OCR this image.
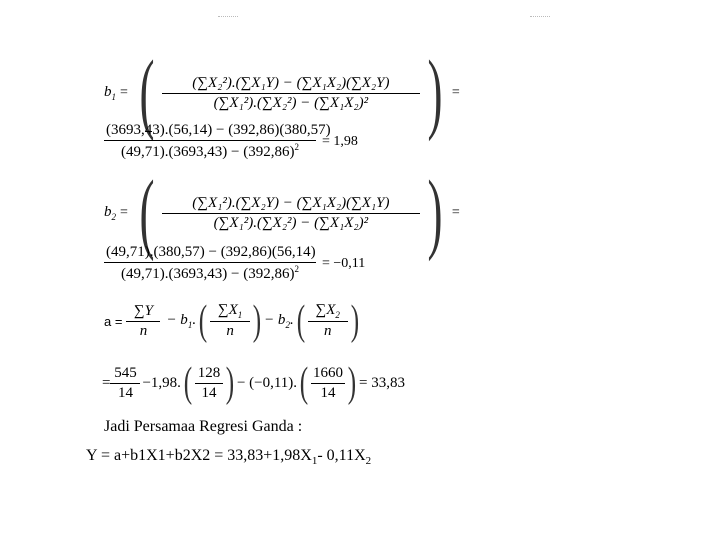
$b_1$ = ( $\frac{\text{(∑X₂²).(∑X₁Y) − (∑X₁X₂)(∑X₂Y)}}{\text{(∑X₁²).(∑X₂²) − (∑X₁X₂)²}}$ ) =
$\frac{(3693,43).(56,14) - (392,86)(380,57)}{(49,71).(3693,43) - (392,86)^2} = 1,98$
$b_2$ = ( $\frac{\text{(∑X₁²).(∑X₂Y) − (∑X₁X₂)(∑X₁Y)}}{\text{(∑X₁²).(∑X₂²) − (∑X₁X₂)²}}$ ) =
$\frac{(49,71).(380,57) - (392,86)(56,14)}{(49,71).(3693,43) - (392,86)^2} = -0,11$
$a = \frac{\sum Y}{n} - b_1$. ( $\frac{\sum X_1}{n}$ ) − $b_2$. ( $\frac{\sum X_2}{n}$ )
= $\frac{545}{14} -1,98$. ( $\frac{128}{14}$ ) − (−0,11). ( $\frac{1660}{14}$ ) = 33,83
Jadi Persamaa Regresi Ganda :
$Y = a+b1X1+b2X2 = 33,83+1,98X_1-$ $0,11X_2$
